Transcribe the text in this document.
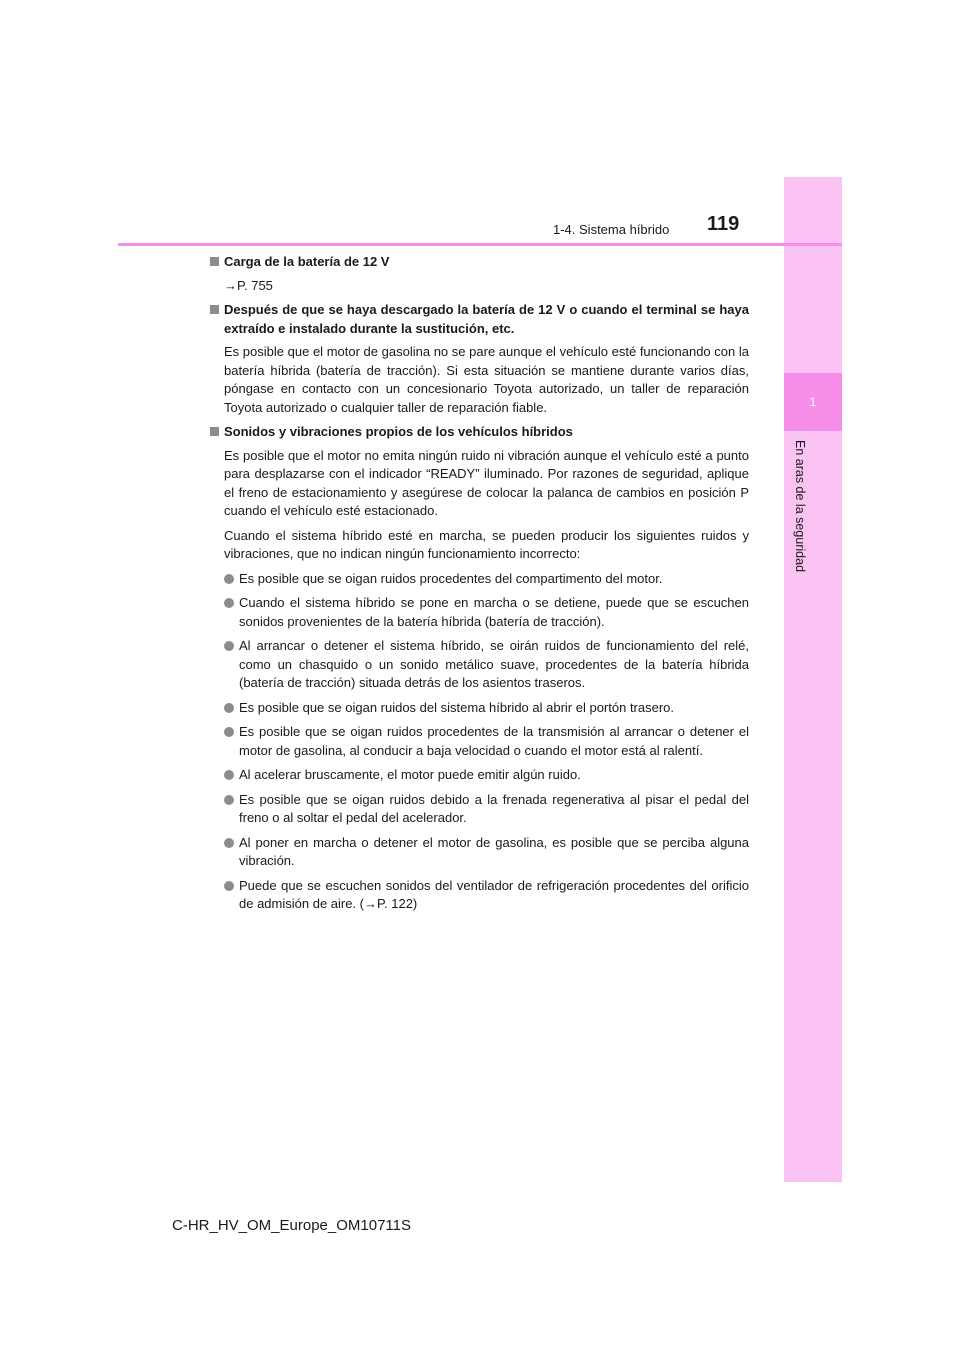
1
En aras de la seguridad
1-4. Sistema híbrido 119
Carga de la batería de 12 V

→P. 755

Después de que se haya descargado la batería de 12 V o cuando el terminal se haya extraído e instalado durante la sustitución, etc.

Es posible que el motor de gasolina no se pare aunque el vehículo esté funcionando con la batería híbrida (batería de tracción). Si esta situación se mantiene durante varios días, póngase en contacto con un concesionario Toyota autorizado, un taller de reparación Toyota autorizado o cualquier taller de reparación fiable.

Sonidos y vibraciones propios de los vehículos híbridos

Es posible que el motor no emita ningún ruido ni vibración aunque el vehículo esté a punto para desplazarse con el indicador “READY” iluminado. Por razones de seguridad, aplique el freno de estacionamiento y asegúrese de colocar la palanca de cambios en posición P cuando el vehículo esté estacionado.

Cuando el sistema híbrido esté en marcha, se pueden producir los siguientes ruidos y vibraciones, que no indican ningún funcionamiento incorrecto:

Es posible que se oigan ruidos procedentes del compartimento del motor.
Cuando el sistema híbrido se pone en marcha o se detiene, puede que se escuchen sonidos provenientes de la batería híbrida (batería de tracción).
Al arrancar o detener el sistema híbrido, se oirán ruidos de funcionamiento del relé, como un chasquido o un sonido metálico suave, procedentes de la batería híbrida (batería de tracción) situada detrás de los asientos traseros.
Es posible que se oigan ruidos del sistema híbrido al abrir el portón trasero.
Es posible que se oigan ruidos procedentes de la transmisión al arrancar o detener el motor de gasolina, al conducir a baja velocidad o cuando el motor está al ralentí.
Al acelerar bruscamente, el motor puede emitir algún ruido.
Es posible que se oigan ruidos debido a la frenada regenerativa al pisar el pedal del freno o al soltar el pedal del acelerador.
Al poner en marcha o detener el motor de gasolina, es posible que se perciba alguna vibración.
Puede que se escuchen sonidos del ventilador de refrigeración procedentes del orificio de admisión de aire. (→P. 122)
C-HR_HV_OM_Europe_OM10711S
